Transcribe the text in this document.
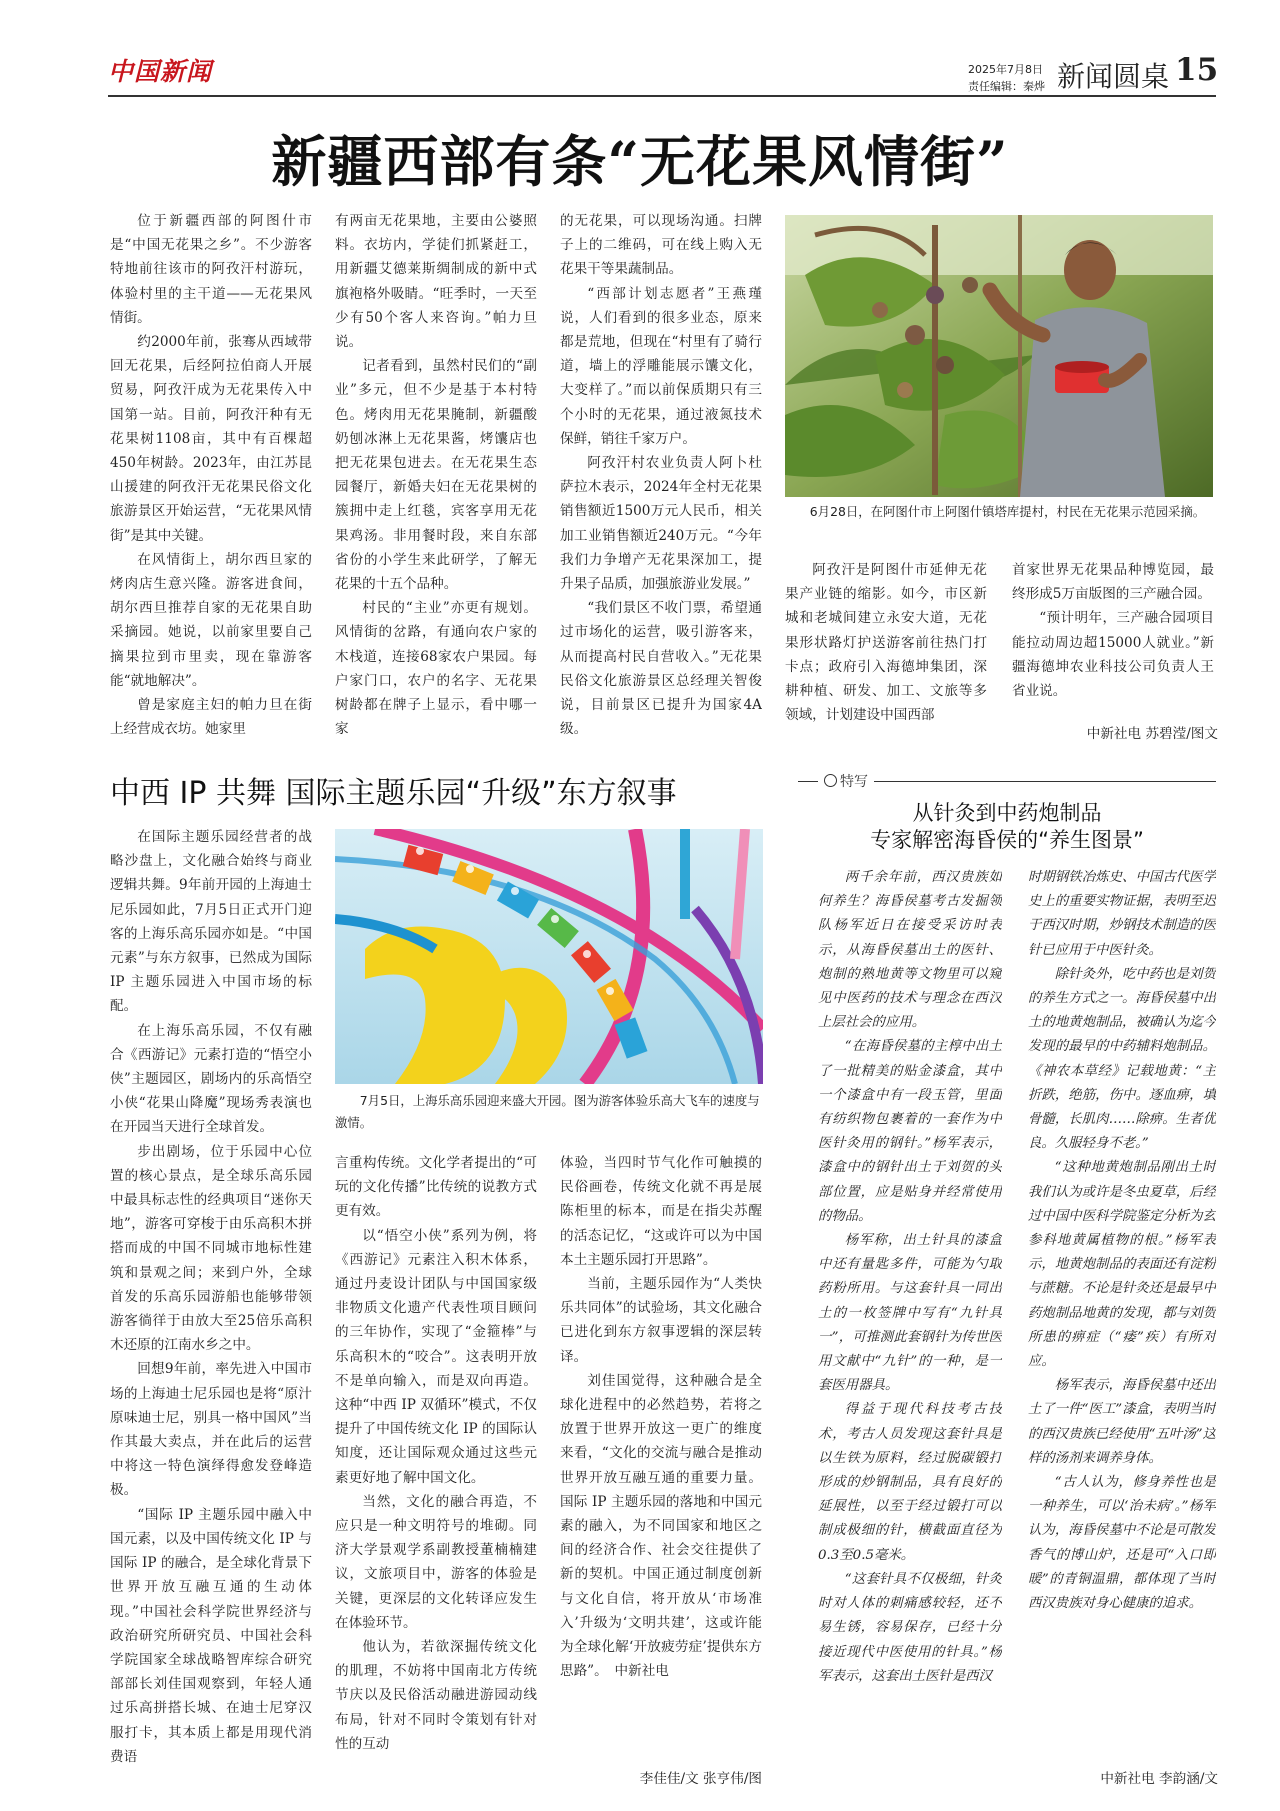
中国新闻	2025年7月8日
责任编辑：秦烨 新闻圆桌 15
新疆西部有条“无花果风情街”

位于新疆西部的阿图什市是“中国无花果之乡”。不少游客特地前往该市的阿孜汗村游玩，体验村里的主干道——无花果风情街。

约2000年前，张骞从西域带回无花果，后经阿拉伯商人开展贸易，阿孜汗成为无花果传入中国第一站。目前，阿孜汗种有无花果树1108亩，其中有百棵超450年树龄。2023年，由江苏昆山援建的阿孜汗无花果民俗文化旅游景区开始运营，“无花果风情街”是其中关键。

在风情街上，胡尔西旦家的烤肉店生意兴隆。游客进食间，胡尔西旦推荐自家的无花果自助采摘园。她说，以前家里要自己摘果拉到市里卖，现在靠游客能“就地解决”。

曾是家庭主妇的帕力旦在街上经营成衣坊。她家里

有两亩无花果地，主要由公婆照料。衣坊内，学徒们抓紧赶工，用新疆艾德莱斯绸制成的新中式旗袍格外吸睛。“旺季时，一天至少有50个客人来咨询。”帕力旦说。

记者看到，虽然村民们的“副业”多元，但不少是基于本村特色。烤肉用无花果腌制，新疆酸奶刨冰淋上无花果酱，烤馕店也把无花果包进去。在无花果生态园餐厅，新婚夫妇在无花果树的簇拥中走上红毯，宾客享用无花果鸡汤。非用餐时段，来自东部省份的小学生来此研学，了解无花果的十五个品种。

村民的“主业”亦更有规划。风情街的岔路，有通向农户家的木栈道，连接68家农户果园。每户家门口，农户的名字、无花果树龄都在牌子上显示，看中哪一家

的无花果，可以现场沟通。扫牌子上的二维码，可在线上购入无花果干等果蔬制品。

“西部计划志愿者”王燕瑾说，人们看到的很多业态，原来都是荒地，但现在“村里有了骑行道，墙上的浮雕能展示馕文化，大变样了。”而以前保质期只有三个小时的无花果，通过液氮技术保鲜，销往千家万户。

阿孜汗村农业负责人阿卜杜萨拉木表示，2024年全村无花果销售额近1500万元人民币，相关加工业销售额近240万元。“今年我们力争增产无花果深加工，提升果子品质，加强旅游业发展。”

“我们景区不收门票，希望通过市场化的运营，吸引游客来，从而提高村民自营收入。”无花果民俗文化旅游景区总经理关智俊说，目前景区已提升为国家4A级。

6月28日，在阿图什市上阿图什镇塔库提村，村民在无花果示范园采摘。

阿孜汗是阿图什市延伸无花果产业链的缩影。如今，市区新城和老城间建立永安大道，无花果形状路灯护送游客前往热门打卡点；政府引入海德坤集团，深耕种植、研发、加工、文旅等多领域，计划建设中国西部

首家世界无花果品种博览园，最终形成5万亩版图的三产融合园。

“预计明年，三产融合园项目能拉动周边超15000人就业。”新疆海德坤农业科技公司负责人王省业说。

中新社电 苏碧滢/图文
中西 IP 共舞 国际主题乐园“升级”东方叙事

在国际主题乐园经营者的战略沙盘上，文化融合始终与商业逻辑共舞。9年前开园的上海迪士尼乐园如此，7月5日正式开门迎客的上海乐高乐园亦如是。“中国元素”与东方叙事，已然成为国际 IP 主题乐园进入中国市场的标配。

在上海乐高乐园，不仅有融合《西游记》元素打造的“悟空小侠”主题园区，剧场内的乐高悟空小侠“花果山降魔”现场秀表演也在开园当天进行全球首发。

步出剧场，位于乐园中心位置的核心景点，是全球乐高乐园中最具标志性的经典项目“迷你天地”，游客可穿梭于由乐高积木拼搭而成的中国不同城市地标性建筑和景观之间；来到户外，全球首发的乐高乐园游船也能够带领游客徜徉于由放大至25倍乐高积木还原的江南水乡之中。

回想9年前，率先进入中国市场的上海迪士尼乐园也是将“原汁原味迪士尼，别具一格中国风”当作其最大卖点，并在此后的运营中将这一特色演绎得愈发登峰造极。

“国际 IP 主题乐园中融入中国元素，以及中国传统文化 IP 与国际 IP 的融合，是全球化背景下世界开放互融互通的生动体现。”中国社会科学院世界经济与政治研究所研究员、中国社会科学院国家全球战略智库综合研究部部长刘佳国观察到，年轻人通过乐高拼搭长城、在迪士尼穿汉服打卡，其本质上都是用现代消费语

7月5日，上海乐高乐园迎来盛大开园。图为游客体验乐高大飞车的速度与激情。

言重构传统。文化学者提出的“可玩的文化传播”比传统的说教方式更有效。

以“悟空小侠”系列为例，将《西游记》元素注入积木体系，通过丹麦设计团队与中国国家级非物质文化遗产代表性项目顾问的三年协作，实现了“金箍棒”与乐高积木的“咬合”。这表明开放不是单向输入，而是双向再造。这种“中西 IP 双循环”模式，不仅提升了中国传统文化 IP 的国际认知度，还让国际观众通过这些元素更好地了解中国文化。

当然，文化的融合再造，不应只是一种文明符号的堆砌。同济大学景观学系副教授董楠楠建议，文旅项目中，游客的体验是关键，更深层的文化转译应发生在体验环节。

他认为，若欲深掘传统文化的肌理，不妨将中国南北方传统节庆以及民俗活动融进游园动线布局，针对不同时令策划有针对性的互动

体验，当四时节气化作可触摸的民俗画卷，传统文化就不再是展陈柜里的标本，而是在指尖苏醒的活态记忆，“这或许可以为中国本土主题乐园打开思路”。

当前，主题乐园作为“人类快乐共同体”的试验场，其文化融合已进化到东方叙事逻辑的深层转译。

刘佳国觉得，这种融合是全球化进程中的必然趋势，若将之放置于世界开放这一更广的维度来看，“文化的交流与融合是推动世界开放互融互通的重要力量。国际 IP 主题乐园的落地和中国元素的融入，为不同国家和地区之间的经济合作、社会交往提供了新的契机。中国正通过制度创新与文化自信，将开放从‘市场准入’升级为‘文明共建’，这或许能为全球化解‘开放疲劳症’提供东方思路”。　中新社电

李佳佳/文 张亨伟/图
特写
从针灸到中药炮制品
专家解密海昏侯的“养生图景”

两千余年前，西汉贵族如何养生？海昏侯墓考古发掘领队杨军近日在接受采访时表示，从海昏侯墓出土的医针、炮制的熟地黄等文物里可以窥见中医药的技术与理念在西汉上层社会的应用。

“在海昏侯墓的主椁中出土了一批精美的贴金漆盒，其中一个漆盒中有一段玉管，里面有纺织物包裹着的一套作为中医针灸用的钢针。”杨军表示，漆盒中的钢针出土于刘贺的头部位置，应是贴身并经常使用的物品。

杨军称，出土针具的漆盒中还有量匙多件，可能为勺取药粉所用。与这套针具一同出土的一枚签牌中写有“九针具一”，可推测此套钢针为传世医用文献中“九针”的一种，是一套医用器具。

得益于现代科技考古技术，考古人员发现这套针具是以生铁为原料，经过脱碳锻打形成的炒钢制品，具有良好的延展性，以至于经过锻打可以制成极细的针，横截面直径为0.3至0.5毫米。

“这套针具不仅极细，针灸时对人体的刺痛感较轻，还不易生锈，容易保存，已经十分接近现代中医使用的针具。”杨军表示，这套出土医针是西汉

时期钢铁冶炼史、中国古代医学史上的重要实物证据，表明至迟于西汉时期，炒钢技术制造的医针已应用于中医针灸。

除针灸外，吃中药也是刘贺的养生方式之一。海昏侯墓中出土的地黄炮制品，被确认为迄今发现的最早的中药辅料炮制品。《神农本草经》记载地黄：“主折跌，绝筋，伤中。逐血痹，填骨髓，长肌肉……除痹。生者优良。久服轻身不老。”

“这种地黄炮制品刚出土时我们认为或许是冬虫夏草，后经过中国中医科学院鉴定分析为玄参科地黄属植物的根。”杨军表示，地黄炮制品的表面还有淀粉与蔗糖。不论是针灸还是最早中药炮制品地黄的发现，都与刘贺所患的痹症（“痿”疾）有所对应。

杨军表示，海昏侯墓中还出土了一件“医工”漆盒，表明当时的西汉贵族已经使用“五叶汤”这样的汤剂来调养身体。

“古人认为，修身养性也是一种养生，可以‘治未病’。”杨军认为，海昏侯墓中不论是可散发香气的博山炉，还是可“入口即暖”的青铜温鼎，都体现了当时西汉贵族对身心健康的追求。

中新社电 李韵涵/文
